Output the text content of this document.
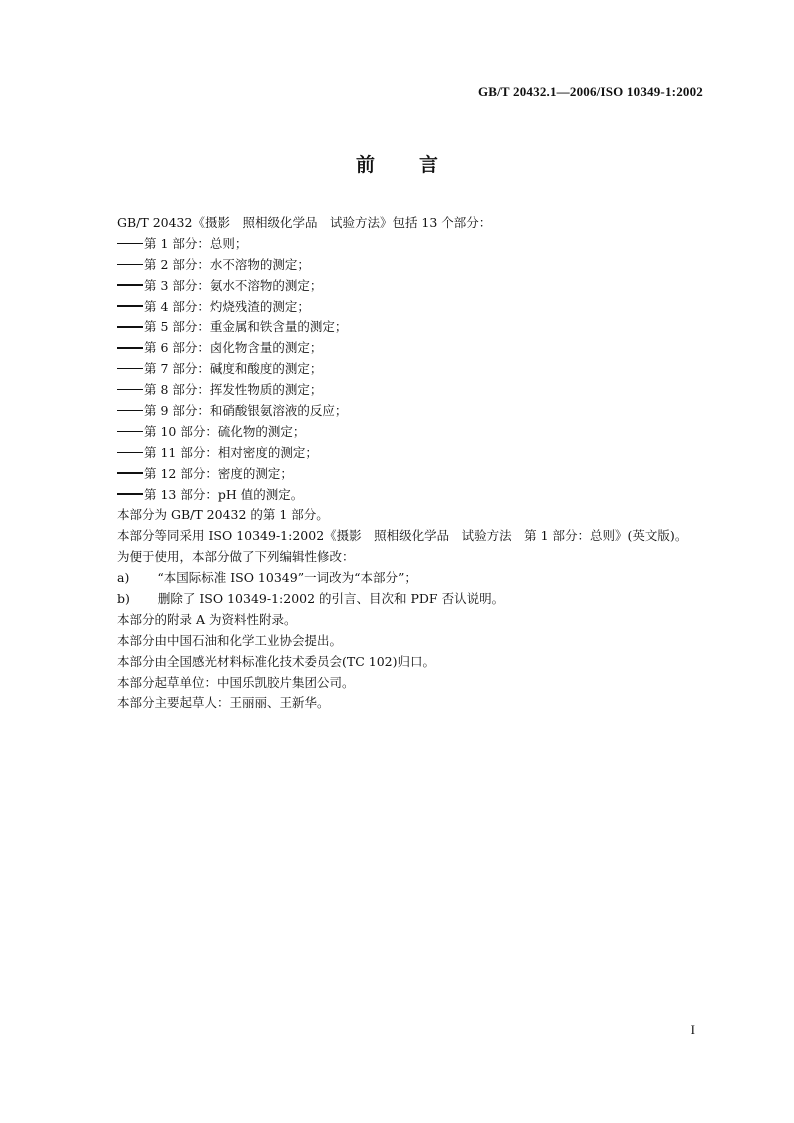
GB/T 20432.1—2006/ISO 10349-1:2002
前 言
GB/T 20432《摄影　照相级化学品　试验方法》包括 13 个部分：
第 1 部分：总则；
第 2 部分：水不溶物的测定；
第 3 部分：氨水不溶物的测定；
第 4 部分：灼烧残渣的测定；
第 5 部分：重金属和铁含量的测定；
第 6 部分：卤化物含量的测定；
第 7 部分：碱度和酸度的测定；
第 8 部分：挥发性物质的测定；
第 9 部分：和硝酸银氨溶液的反应；
第 10 部分：硫化物的测定；
第 11 部分：相对密度的测定；
第 12 部分：密度的测定；
第 13 部分：pH 值的测定。
本部分为 GB/T 20432 的第 1 部分。
本部分等同采用 ISO 10349-1:2002《摄影　照相级化学品　试验方法　第 1 部分：总则》(英文版)。
为便于使用，本部分做了下列编辑性修改：
a) “本国际标准 ISO 10349”一词改为“本部分”；
b) 删除了 ISO 10349-1:2002 的引言、目次和 PDF 否认说明。
本部分的附录 A 为资料性附录。
本部分由中国石油和化学工业协会提出。
本部分由全国感光材料标准化技术委员会(TC 102)归口。
本部分起草单位：中国乐凯胶片集团公司。
本部分主要起草人：王丽丽、王新华。
I
